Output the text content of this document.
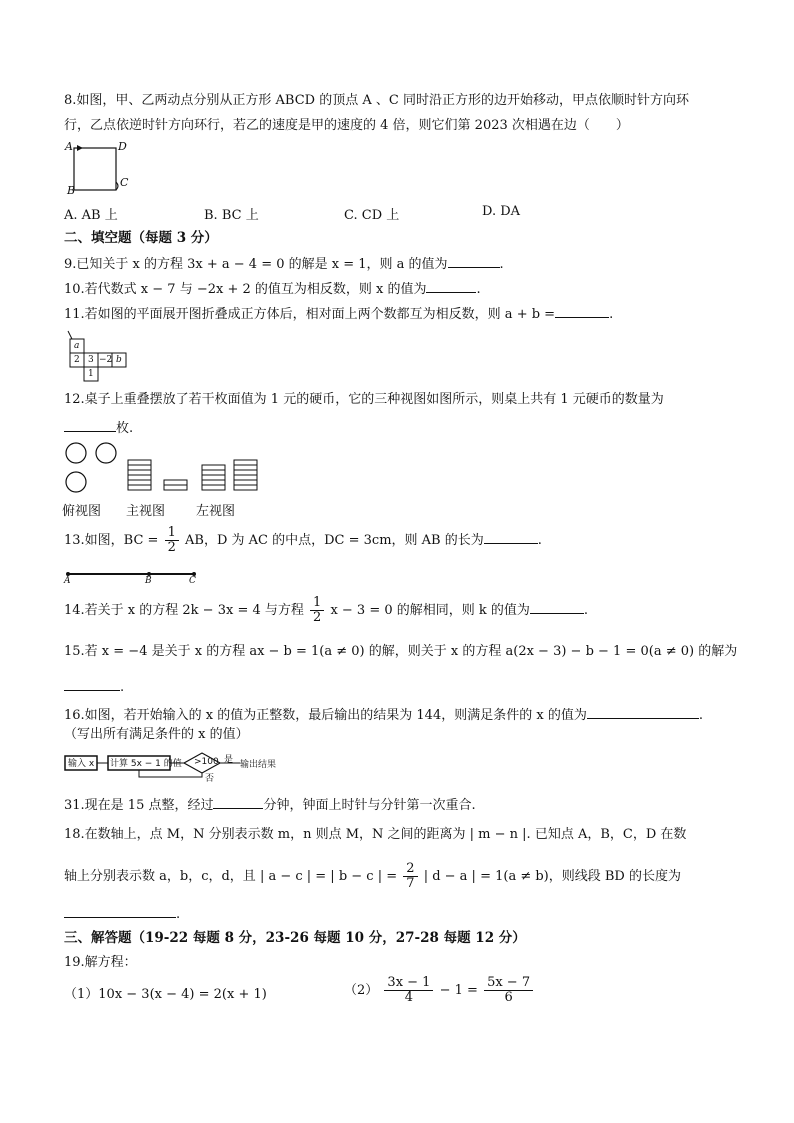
8.如图，甲、乙两动点分别从正方形 ABCD 的顶点 A 、C 同时沿正方形的边开始移动，甲点依顺时针方向环
行，乙点依逆时针方向环行，若乙的速度是甲的速度的 4 倍，则它们第 2023 次相遇在边（　　）
A	D
B
C
A. AB 上	B. BC 上	C. CD 上	D. DA
二、填空题（每题 3 分）
9.已知关于 x 的方程 3x + a − 4 = 0 的解是 x = 1，则 a 的值为	.
10.若代数式 x − 7 与 −2x + 2 的值互为相反数，则 x 的值为	.
11.若如图的平面展开图折叠成正方体后，相对面上两个数都互为相反数，则 a + b =	.
a
2 3 −2 b
1
12.桌子上重叠摆放了若干枚面值为 1 元的硬币，它的三种视图如图所示，则桌上共有 1 元硬币的数量为
枚.
俯视图 主视图 左视图
13.如图，BC = $\frac{1}{2}$ AB，D 为 AC 的中点，DC = 3cm，则 AB 的长为	.
A	B	C
14.若关于 x 的方程 2k − 3x = 4 与方程 $\frac{1}{2}$ x − 3 = 0 的解相同，则 k 的值为	.
15.若 x = −4 是关于 x 的方程 ax − b = 1(a ≠ 0) 的解，则关于 x 的方程 a(2x − 3) − b − 1 = 0(a ≠ 0) 的解为
.
16.如图，若开始输入的 x 的值为正整数，最后输出的结果为 144，则满足条件的 x 的值为	.
（写出所有满足条件的 x 的值）
输入 x 计算 5x − 1 的值 >100 是 输出结果
否
31.现在是 15 点整，经过	分钟，钟面上时针与分针第一次重合.
18.在数轴上，点 M，N 分别表示数 m，n 则点 M，N 之间的距离为 | m − n |. 已知点 A，B，C，D 在数
轴上分别表示数 a，b，c，d，且 | a − c | = | b − c | = $\frac{2}{7}$ | d − a | = 1(a ≠ b)，则线段 BD 的长度为
.
三、解答题（19-22 每题 8 分，23-26 每题 10 分，27-28 每题 12 分）
19.解方程：
（1）10x − 3(x − 4) = 2(x + 1)	$(2) \frac{3x - 1}{4} - 1 = \frac{5x - 7}{6}$
